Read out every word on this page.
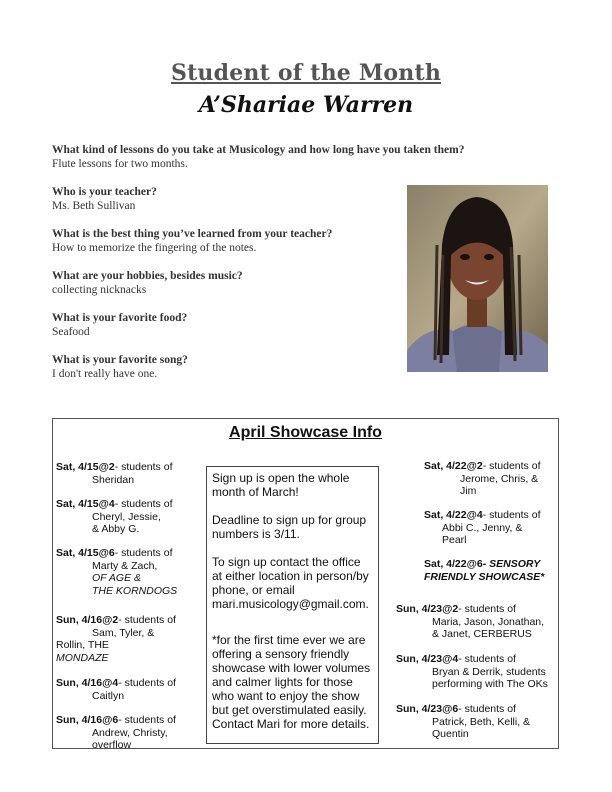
Student of the Month
A’Shariae Warren
What kind of lessons do you take at Musicology and how long have you taken them?
Flute lessons for two months.
Who is your teacher?
Ms. Beth Sullivan
What is the best thing you’ve learned from your teacher?
How to memorize the fingering of the notes.
What are your hobbies, besides music?
collecting nicknacks
What is your favorite food?
Seafood
What is your favorite song?
I don't really have one.
April Showcase Info
Sat, 4/15@2- students of
Sheridan
Sat, 4/15@4- students of
Cheryl, Jessie,
& Abby G.
Sat, 4/15@6- students of
Marty & Zach,
OF AGE &
THE KORNDOGS
Sun, 4/16@2- students of
Sam, Tyler, &
Rollin, THE
MONDAZE
Sun, 4/16@4- students of
Caitlyn
Sun, 4/16@6- students of
Andrew, Christy,
overflow

Sign up is open the whole month of March!

Deadline to sign up for group numbers is 3/11.

To sign up contact the office at either location in person/by phone, or email mari.musicology@gmail.com.

*for the first time ever we are offering a sensory friendly showcase with lower volumes and calmer lights for those who want to enjoy the show but get overstimulated easily. Contact Mari for more details.

Sat, 4/22@2- students of
Jerome, Chris, &
Jim
Sat, 4/22@4- students of
Abbi C., Jenny, &
Pearl
Sat, 4/22@6- SENSORY
FRIENDLY SHOWCASE*
Sun, 4/23@2- students of
Maria, Jason, Jonathan,
& Janet, CERBERUS
Sun, 4/23@4- students of
Bryan & Derrik, students
performing with The OKs
Sun, 4/23@6- students of
Patrick, Beth, Kelli, &
Quentin
